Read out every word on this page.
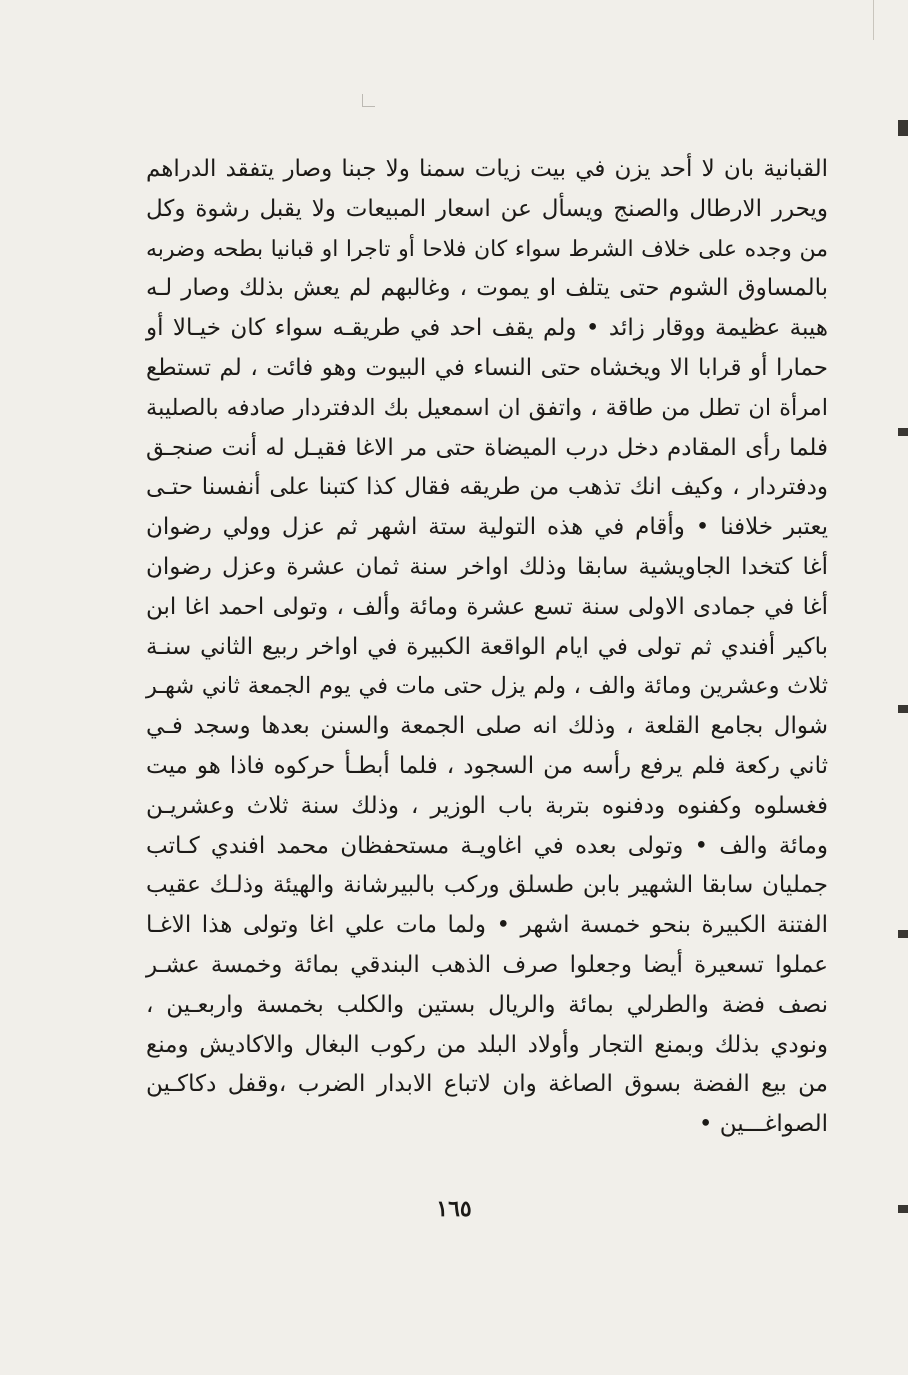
القبانية بان لا أحد يزن في بيت زيات سمنا ولا جبنا وصار يتفقد الدراهم
ويحرر الارطال والصنج ويسأل عن اسعار المبيعات ولا يقبل رشوة وكل
من وجده على خلاف الشرط سواء كان فلاحا أو تاجرا او قبانيا بطحه وضربه
بالمساوق الشوم حتى يتلف او يموت ، وغالبهم لم يعش بذلك وصار لـه
هيبة عظيمة ووقار زائد • ولم يقف احد في طريقـه سواء كان خيـالا أو
حمارا أو قرابا الا ويخشاه حتى النساء في البيوت وهو فائت ، لم تستطع
امرأة ان تطل من طاقة ، واتفق ان اسمعيل بك الدفتردار صادفه بالصليبة
فلما رأى المقادم دخل درب الميضاة حتى مر الاغا فقيـل له أنت صنجـق
ودفتردار ، وكيف انك تذهب من طريقه فقال كذا كتبنا على أنفسنا حتـى
يعتبر خلافنا • وأقام في هذه التولية ستة اشهر ثم عزل وولي رضوان
أغا كتخدا الجاويشية سابقا وذلك اواخر سنة ثمان عشرة وعزل رضوان
أغا في جمادى الاولى سنة تسع عشرة ومائة وألف ، وتولى احمد اغا ابن
باكير أفندي ثم تولى في ايام الواقعة الكبيرة في اواخر ربيع الثاني سنـة
ثلاث وعشرين ومائة والف ، ولم يزل حتى مات في يوم الجمعة ثاني شهـر
شوال بجامع القلعة ، وذلك انه صلى الجمعة والسنن بعدها وسجد فـي
ثاني ركعة فلم يرفع رأسه من السجود ، فلما أبطـأ حركوه فاذا هو ميت
فغسلوه وكفنوه ودفنوه بتربة باب الوزير ، وذلك سنة ثلاث وعشريـن
ومائة والف • وتولى بعده في اغاويـة مستحفظان محمد افندي كـاتب
جمليان سابقا الشهير بابن طسلق وركب بالبيرشانة والهيئة وذلـك عقيب
الفتنة الكبيرة بنحو خمسة اشهر • ولما مات علي اغا وتولى هذا الاغـا
عملوا تسعيرة أيضا وجعلوا صرف الذهب البندقي بمائة وخمسة عشـر
نصف فضة والطرلي بمائة والريال بستين والكلب بخمسة واربعـين ،
ونودي بذلك وبمنع التجار وأولاد البلد من ركوب البغال والاكاديش ومنع
من بيع الفضة بسوق الصاغة وان لاتباع الابدار الضرب ،وقفل دكاكـين
الصواغـــين •
١٦٥
